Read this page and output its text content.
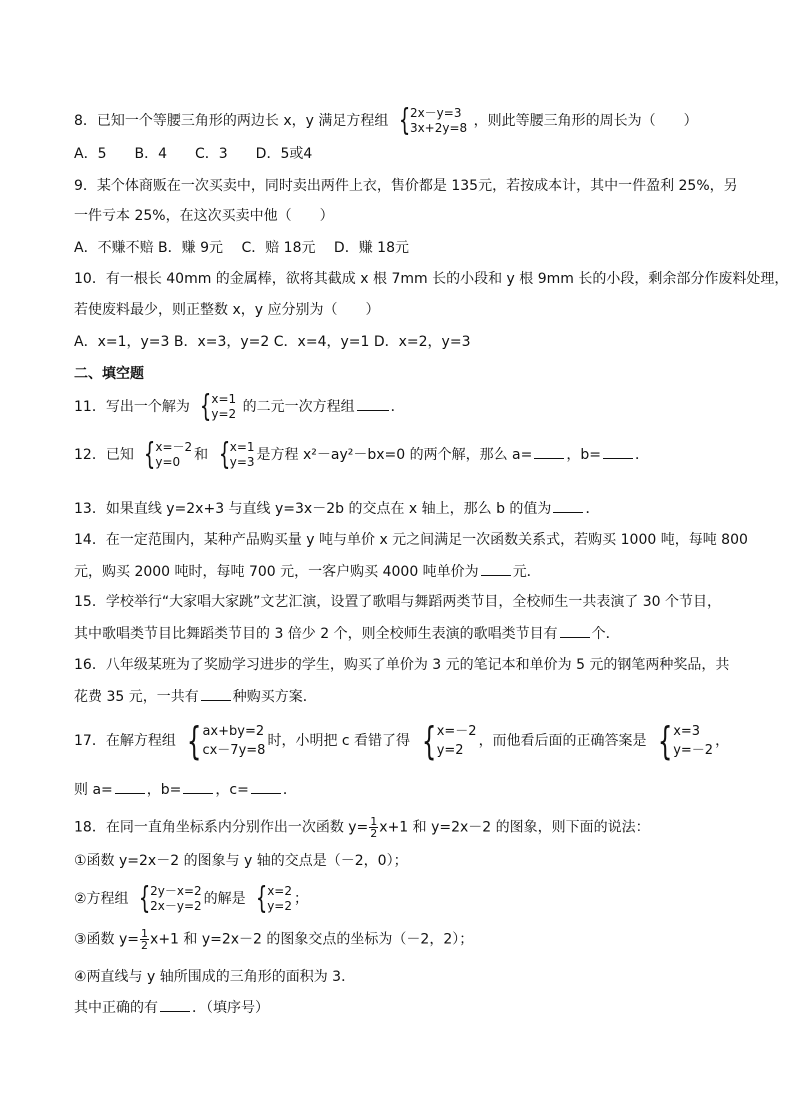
8．已知一个等腰三角形的两边长 x，y 满足方程组 { 2x－y=3
3x+2y=8 ，则此等腰三角形的周长为（　　）
A．5　　B．4　　C．3　　D．5或4
9．某个体商贩在一次买卖中，同时卖出两件上衣，售价都是 135元，若按成本计，其中一件盈利 25%，另
一件亏本 25%，在这次买卖中他（　　）
A．不赚不赔 B．赚 9元　 C．赔 18元　 D．赚 18元
10．有一根长 40mm 的金属棒，欲将其截成 x 根 7mm 长的小段和 y 根 9mm 长的小段，剩余部分作废料处理，
若使废料最少，则正整数 x，y 应分别为（　　）
A．x=1，y=3 B．x=3，y=2 C．x=4，y=1 D．x=2，y=3
二、填空题
11．写出一个解为 { x=1
y=2 的二元一次方程组	．
12．已知 { x=－2
y=0	和 { x=1
y=3 是方程 x²－ay²－bx=0 的两个解，那么 a= ，b= ．
13．如果直线 y=2x+3 与直线 y=3x－2b 的交点在 x 轴上，那么 b 的值为 ．
14．在一定范围内，某种产品购买量 y 吨与单价 x 元之间满足一次函数关系式，若购买 1000 吨，每吨 800
元，购买 2000 吨时，每吨 700 元，一客户购买 4000 吨单价为 元．
15．学校举行“大家唱大家跳”文艺汇演，设置了歌唱与舞蹈两类节目，全校师生一共表演了 30 个节目，
其中歌唱类节目比舞蹈类节目的 3 倍少 2 个，则全校师生表演的歌唱类节目有 个．
16．八年级某班为了奖励学习进步的学生，购买了单价为 3 元的笔记本和单价为 5 元的钢笔两种奖品，共
花费 35 元，一共有 种购买方案．
17．在解方程组 { ax+by=2
cx－7y=8
时，小明把 c 看错了得 { x=－2
y=2
，而他看后面的正确答案是 { x=3
y=－2
，
则 a= ，b= ，c= ．
18．在同一直角坐标系内分别作出一次函数 $y= \frac{1}{2} x+1$ 和 y=2x－2 的图象，则下面的说法：
①函数 y=2x－2 的图象与 y 轴的交点是（－2，0）；
②方程组 { 2y－x=2
2x－y=2 的解是 { x=2
y=2 ；
③函数 $y= \frac{1}{2} x+1$ 和 y=2x－2 的图象交点的坐标为（－2，2）；
④两直线与 y 轴所围成的三角形的面积为 3．
其中正确的有 ．（填序号）
